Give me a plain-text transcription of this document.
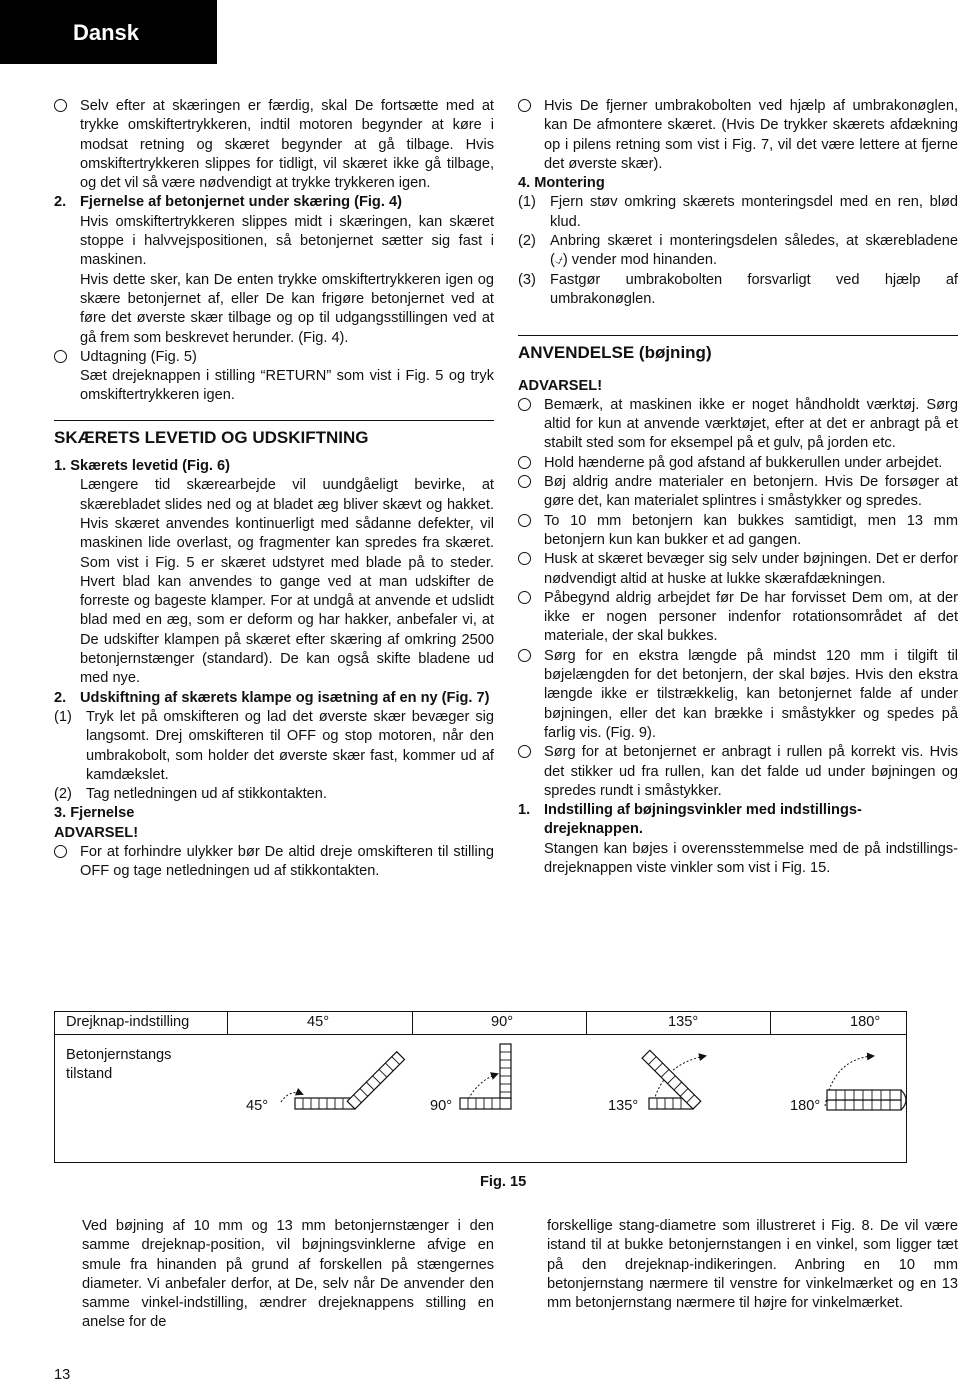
Dansk

Selv efter at skæringen er færdig, skal De fortsætte med at trykke omskiftertrykkeren, indtil motoren begynder at køre i modsat retning og skæret begynder at gå tilbage. Hvis omskiftertrykkeren slippes for tidligt, vil skæret ikke gå tilbage, og det vil så være nødvendigt at trykke trykkeren igen.

2. Fjernelse af betonjernet under skæring (Fig. 4)

Hvis omskiftertrykkeren slippes midt i skæringen, kan skæret stoppe i halvvejspositionen, så betonjernet sætter sig fast i maskinen.

Hvis dette sker, kan De enten trykke omskiftertrykkeren igen og skære betonjernet af, eller De kan frigøre betonjernet ved at føre det øverste skær tilbage og op til udgangsstillingen ved at gå frem som beskrevet herunder. (Fig. 4).

Udtagning (Fig. 5)

Sæt drejeknappen i stilling “RETURN” som vist i Fig. 5 og tryk omskiftertrykkeren igen.

SKÆRETS LEVETID OG UDSKIFTNING

1. Skærets levetid (Fig. 6)

Længere tid skærearbejde vil uundgåeligt bevirke, at skærebladet slides ned og at bladet æg bliver skævt og hakket. Hvis skæret anvendes kontinuerligt med sådanne defekter, vil maskinen lide overlast, og fragmenter kan spredes fra skæret. Som vist i Fig. 5 er skæret udstyret med blade på to steder. Hvert blad kan anvendes to gange ved at man udskifter de forreste og bageste klamper. For at undgå at anvende et udslidt blad med en æg, som er deform og har hakker, anbefaler vi, at De udskifter klampen på skæret efter skæring af omkring 2500 betonjernstænger (standard). De kan også skifte bladene ud med nye.

2. Udskiftning af skærets klampe og isætning af en ny (Fig. 7)

(1) Tryk let på omskifteren og lad det øverste skær bevæger sig langsomt. Drej omskifteren til OFF og stop motoren, når den umbrakobolt, som holder det øverste skær fast, kommer ud af kamdækslet.

(2) Tag netledningen ud af stikkontakten.

3. Fjernelse

ADVARSEL!

For at forhindre ulykker bør De altid dreje omskifteren til stilling OFF og tage netledningen ud af stikkontakten.

Hvis De fjerner umbrakobolten ved hjælp af umbrakonøglen, kan De afmontere skæret. (Hvis De trykker skærets afdækning op i pilens retning som vist i Fig. 7, vil det være lettere at fjerne det øverste skær).

4. Montering

(1) Fjern støv omkring skærets monteringsdel med en ren, blød klud.

(2) Anbring skæret i monteringsdelen således, at skærebladene (⍻) vender mod hinanden.

(3) Fastgør umbrakobolten forsvarligt ved hjælp af umbrakonøglen.

ANVENDELSE (bøjning)

ADVARSEL!

Bemærk, at maskinen ikke er noget håndholdt værktøj. Sørg altid for kun at anvende værktøjet, efter at det er anbragt på et stabilt sted som for eksempel på et gulv, på jorden etc.

Hold hænderne på god afstand af bukkerullen under arbejdet.

Bøj aldrig andre materialer en betonjern. Hvis De forsøger at gøre det, kan materialet splintres i småstykker og spredes.

To 10 mm betonjern kan bukkes samtidigt, men 13 mm betonjern kun kan bukker et ad gangen.

Husk at skæret bevæger sig selv under bøjningen. Det er derfor nødvendigt altid at huske at lukke skærafdækningen.

Påbegynd aldrig arbejdet før De har forvisset Dem om, at der ikke er nogen personer indenfor rotationsområdet af det materiale, der skal bukkes.

Sørg for en ekstra længde på mindst 120 mm i tilgift til bøjelængden for det betonjern, der skal bøjes. Hvis den ekstra længde ikke er tilstrækkelig, kan betonjernet falde af under bøjningen, eller det kan brække i småstykker og spedes på farlig vis. (Fig. 9).

Sørg for at betonjernet er anbragt i rullen på korrekt vis. Hvis det stikker ud fra rullen, kan det falde ud under bøjningen og spredes rundt i småstykker.

1. Indstilling af bøjningsvinkler med indstillings-drejeknappen.

Stangen kan bøjes i overensstemmelse med de på indstillings-drejeknappen viste vinkler som vist i Fig. 15.

Drejknap-indstilling	45°	90°	135°	180°
Betonjernstangs tilstand
45°	90°	135°	180°
Fig. 15

Ved bøjning af 10 mm og 13 mm betonjernstænger i den samme drejeknap-position, vil bøjningsvinklerne afvige en smule fra hinanden på grund af forskellen på stængernes diameter. Vi anbefaler derfor, at De, selv når De anvender den samme vinkel-indstilling, ændrer drejeknappens stilling en anelse for de

forskellige stang-diametre som illustreret i Fig. 8. De vil være istand til at bukke betonjernstangen i en vinkel, som ligger tæt på den drejeknap-indikeringen. Anbring en 10 mm betonjernstang nærmere til venstre for vinkelmærket og en 13 mm betonjernstang nærmere til højre for vinkelmærket.

13
